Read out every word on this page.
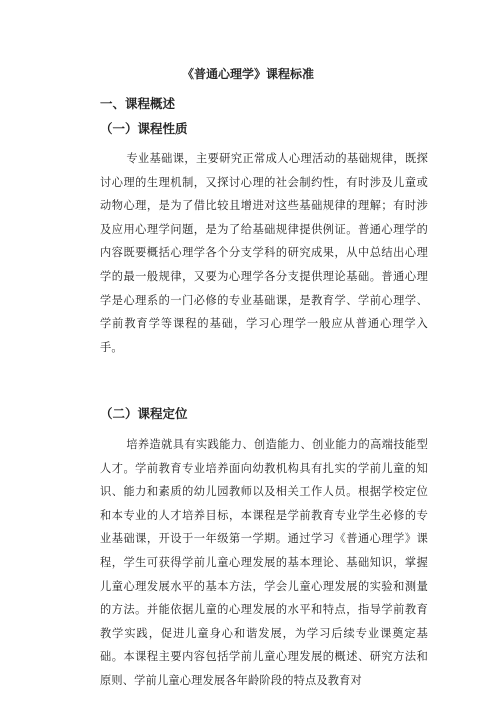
《普通心理学》课程标准
一、课程概述
（一）课程性质

专业基础课，主要研究正常成人心理活动的基础规律，既探讨心理的生理机制，又探讨心理的社会制约性，有时涉及儿童或动物心理，是为了借比较且增进对这些基础规律的理解；有时涉及应用心理学问题，是为了给基础规律提供例证。普通心理学的内容既要概括心理学各个分支学科的研究成果，从中总结出心理学的最一般规律，又要为心理学各分支提供理论基础。普通心理学是心理系的一门必修的专业基础课，是教育学、学前心理学、学前教育学等课程的基础，学习心理学一般应从普通心理学入手。

（二）课程定位

培养造就具有实践能力、创造能力、创业能力的高端技能型人才。学前教育专业培养面向幼教机构具有扎实的学前儿童的知识、能力和素质的幼儿园教师以及相关工作人员。根据学校定位和本专业的人才培养目标，本课程是学前教育专业学生必修的专业基础课，开设于一年级第一学期。通过学习《普通心理学》课程，学生可获得学前儿童心理发展的基本理论、基础知识，掌握儿童心理发展水平的基本方法，学会儿童心理发展的实验和测量的方法。并能依据儿童的心理发展的水平和特点，指导学前教育教学实践，促进儿童身心和谐发展，为学习后续专业课奠定基础。本课程主要内容包括学前儿童心理发展的概述、研究方法和原则、学前儿童心理发展各年龄阶段的特点及教育对
